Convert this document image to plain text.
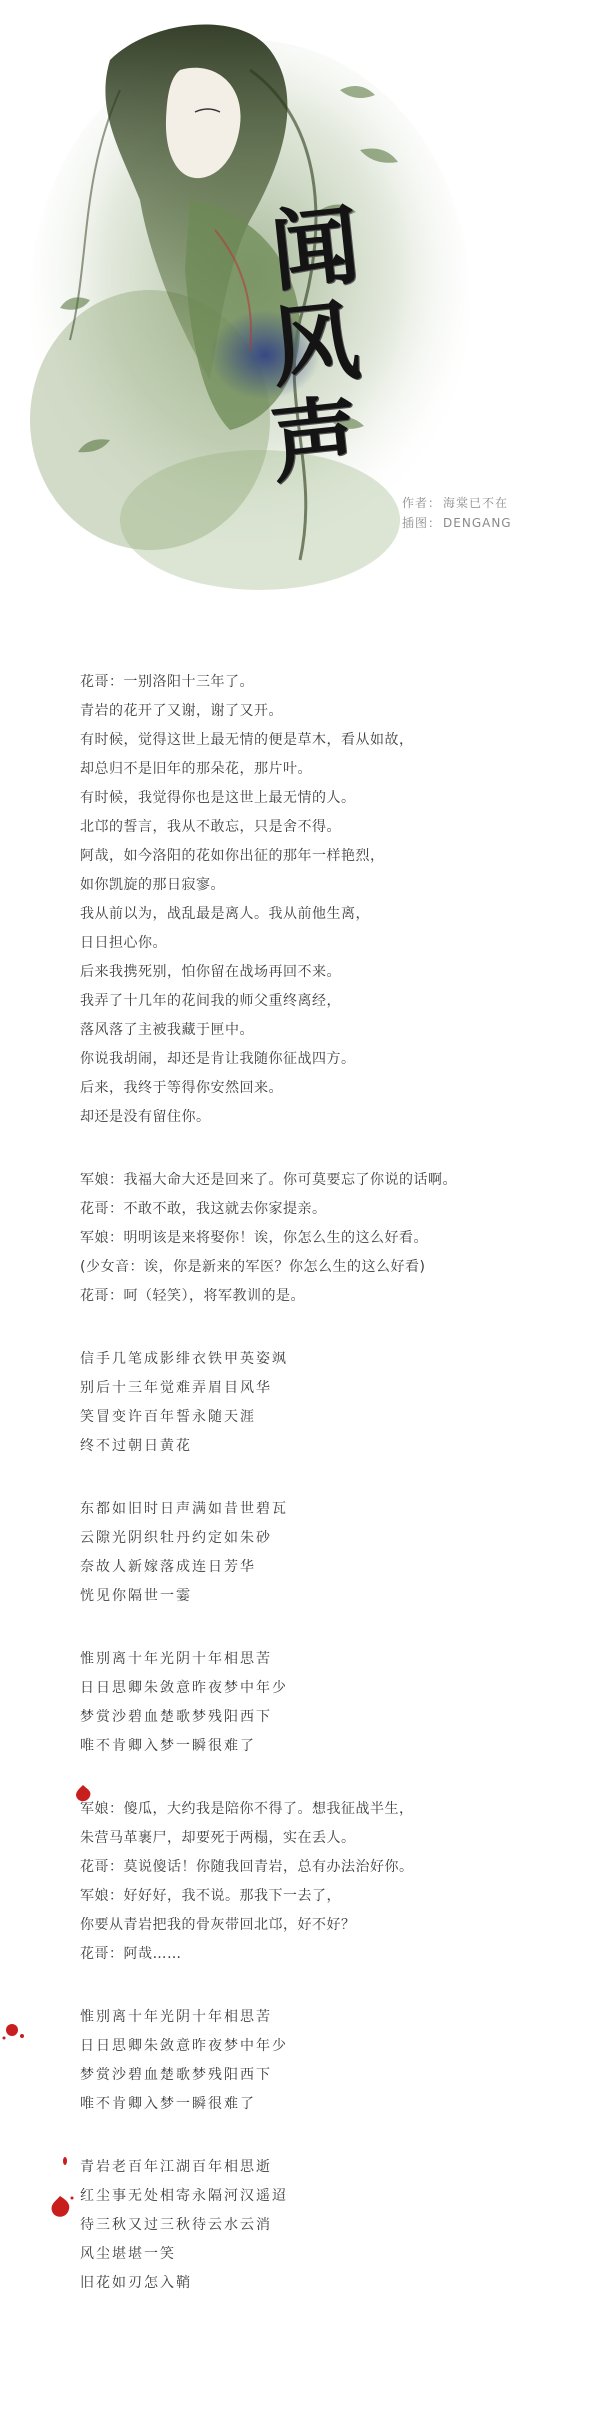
闻
风
声
作者： 海棠已不在
插图： DENGANG
花哥：一别洛阳十三年了。
青岩的花开了又谢，谢了又开。
有时候，觉得这世上最无情的便是草木，看从如故，
却总归不是旧年的那朵花，那片叶。
有时候，我觉得你也是这世上最无情的人。
北邙的誓言，我从不敢忘，只是舍不得。
阿哉，如今洛阳的花如你出征的那年一样艳烈，
如你凯旋的那日寂寥。
我从前以为，战乱最是离人。我从前他生离，
日日担心你。
后来我携死别，怕你留在战场再回不来。
我弄了十几年的花间我的师父重终离经，
落风落了主被我藏于匣中。
你说我胡闹，却还是肯让我随你征战四方。
后来，我终于等得你安然回来。
却还是没有留住你。
军娘：我福大命大还是回来了。你可莫要忘了你说的话啊。
花哥：不敢不敢，我这就去你家提亲。
军娘：明明该是来将娶你！诶，你怎么生的这么好看。
(少女音：诶，你是新来的军医？你怎么生的这么好看)
花哥：呵（轻笑），将军教训的是。
信手几笔成影绯衣铁甲英姿飒
别后十三年觉难弄眉目风华
笑冒变许百年誓永随天涯
终不过朝日黄花
东都如旧时日声满如昔世碧瓦
云隙光阴织牡丹约定如朱砂
奈故人新嫁落成连日芳华
恍见你隔世一霎
惟別离十年光阴十年相思苦
日日思卿朱敛意昨夜梦中年少
梦赏沙碧血楚歌梦残阳西下
唯不肯卿入梦一瞬很难了
军娘：傻瓜，大约我是陪你不得了。想我征战半生，
朱营马革裹尸，却要死于两榻，实在丢人。
花哥：莫说傻话！你随我回青岩，总有办法治好你。
军娘：好好好，我不说。那我下一去了，
你要从青岩把我的骨灰带回北邙，好不好？
花哥：阿哉……
惟別离十年光阴十年相思苦
日日思卿朱敛意昨夜梦中年少
梦赏沙碧血楚歌梦残阳西下
唯不肯卿入梦一瞬很难了
青岩老百年江湖百年相思逝
红尘事无处相寄永隔河汉遥迢
待三秋又过三秋待云水云消
风尘堪堪一笑
旧花如刃怎入鞘
